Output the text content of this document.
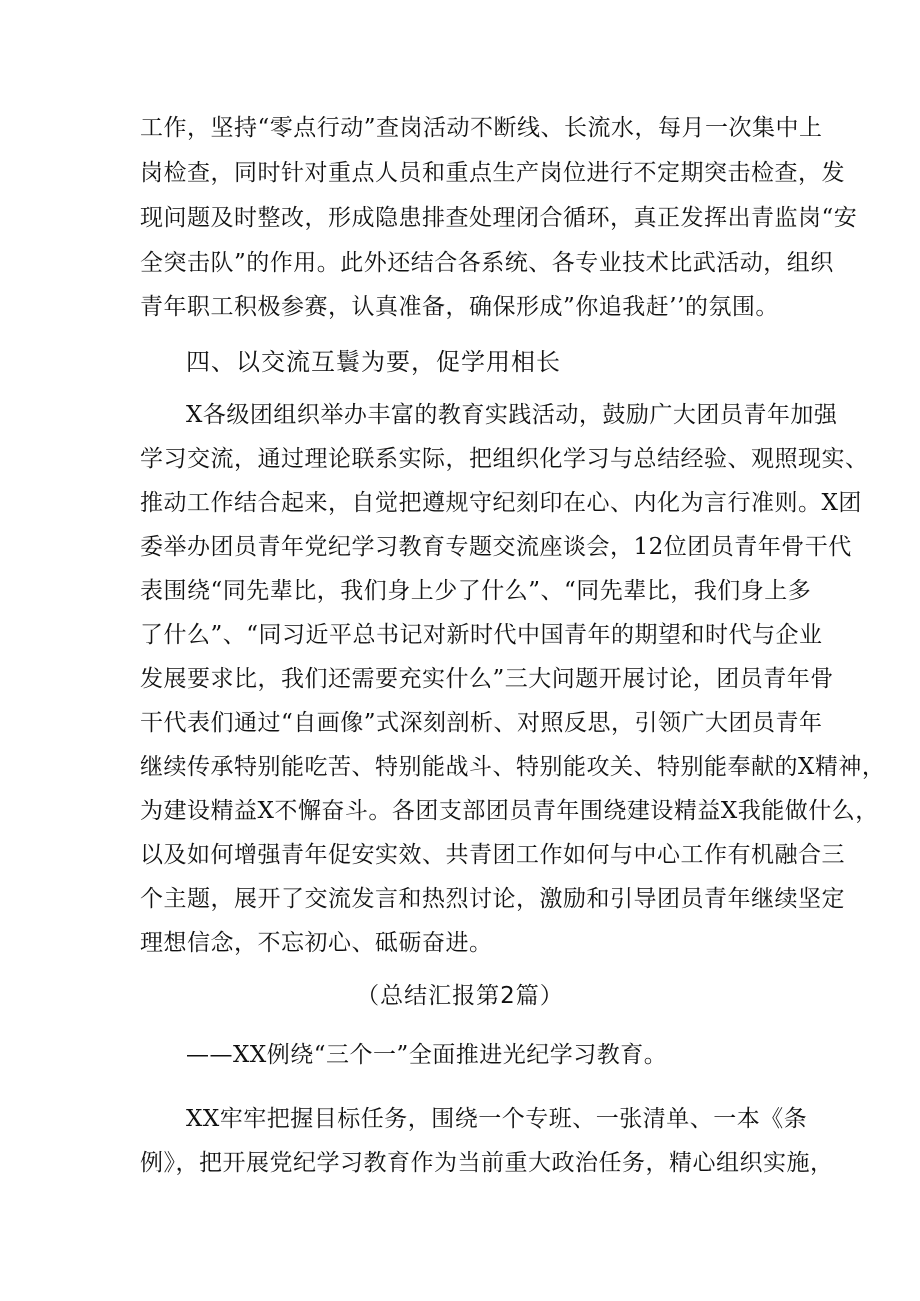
工作，坚持“零点行动”查岗活动不断线、长流水，每月一次集中上
岗检查，同时针对重点人员和重点生产岗位进行不定期突击检查，发
现问题及时整改，形成隐患排查处理闭合循环，真正发挥出青监岗“安
全突击队”的作用。此外还结合各系统、各专业技术比武活动，组织
青年职工积极参赛，认真准备，确保形成”你追我赶’’的氛围。
四、以交流互鬟为要，促学用相长
X各级团组织举办丰富的教育实践活动，鼓励广大团员青年加强
学习交流，通过理论联系实际，把组织化学习与总结经验、观照现实、
推动工作结合起来，自觉把遵规守纪刻印在心、内化为言行准则。X团
委举办团员青年党纪学习教育专题交流座谈会，12位团员青年骨干代
表围绕“同先辈比，我们身上少了什么”、“同先辈比，我们身上多
了什么”、“同习近平总书记对新时代中国青年的期望和时代与企业
发展要求比，我们还需要充实什么”三大问题开展讨论，团员青年骨
干代表们通过“自画像”式深刻剖析、对照反思，引领广大团员青年
继续传承特别能吃苦、特别能战斗、特别能攻关、特别能奉献的X精神，
为建设精益X不懈奋斗。各团支部团员青年围绕建设精益X我能做什么，
以及如何增强青年促安实效、共青团工作如何与中心工作有机融合三
个主题，展开了交流发言和热烈讨论，激励和引导团员青年继续坚定
理想信念，不忘初心、砥砺奋进。
（总结汇报第2篇）
——XX例绕“三个一”全面推进光纪学习教育。
XX牢牢把握目标任务，围绕一个专班、一张清单、一本《条
例》，把开展党纪学习教育作为当前重大政治任务，精心组织实施，
